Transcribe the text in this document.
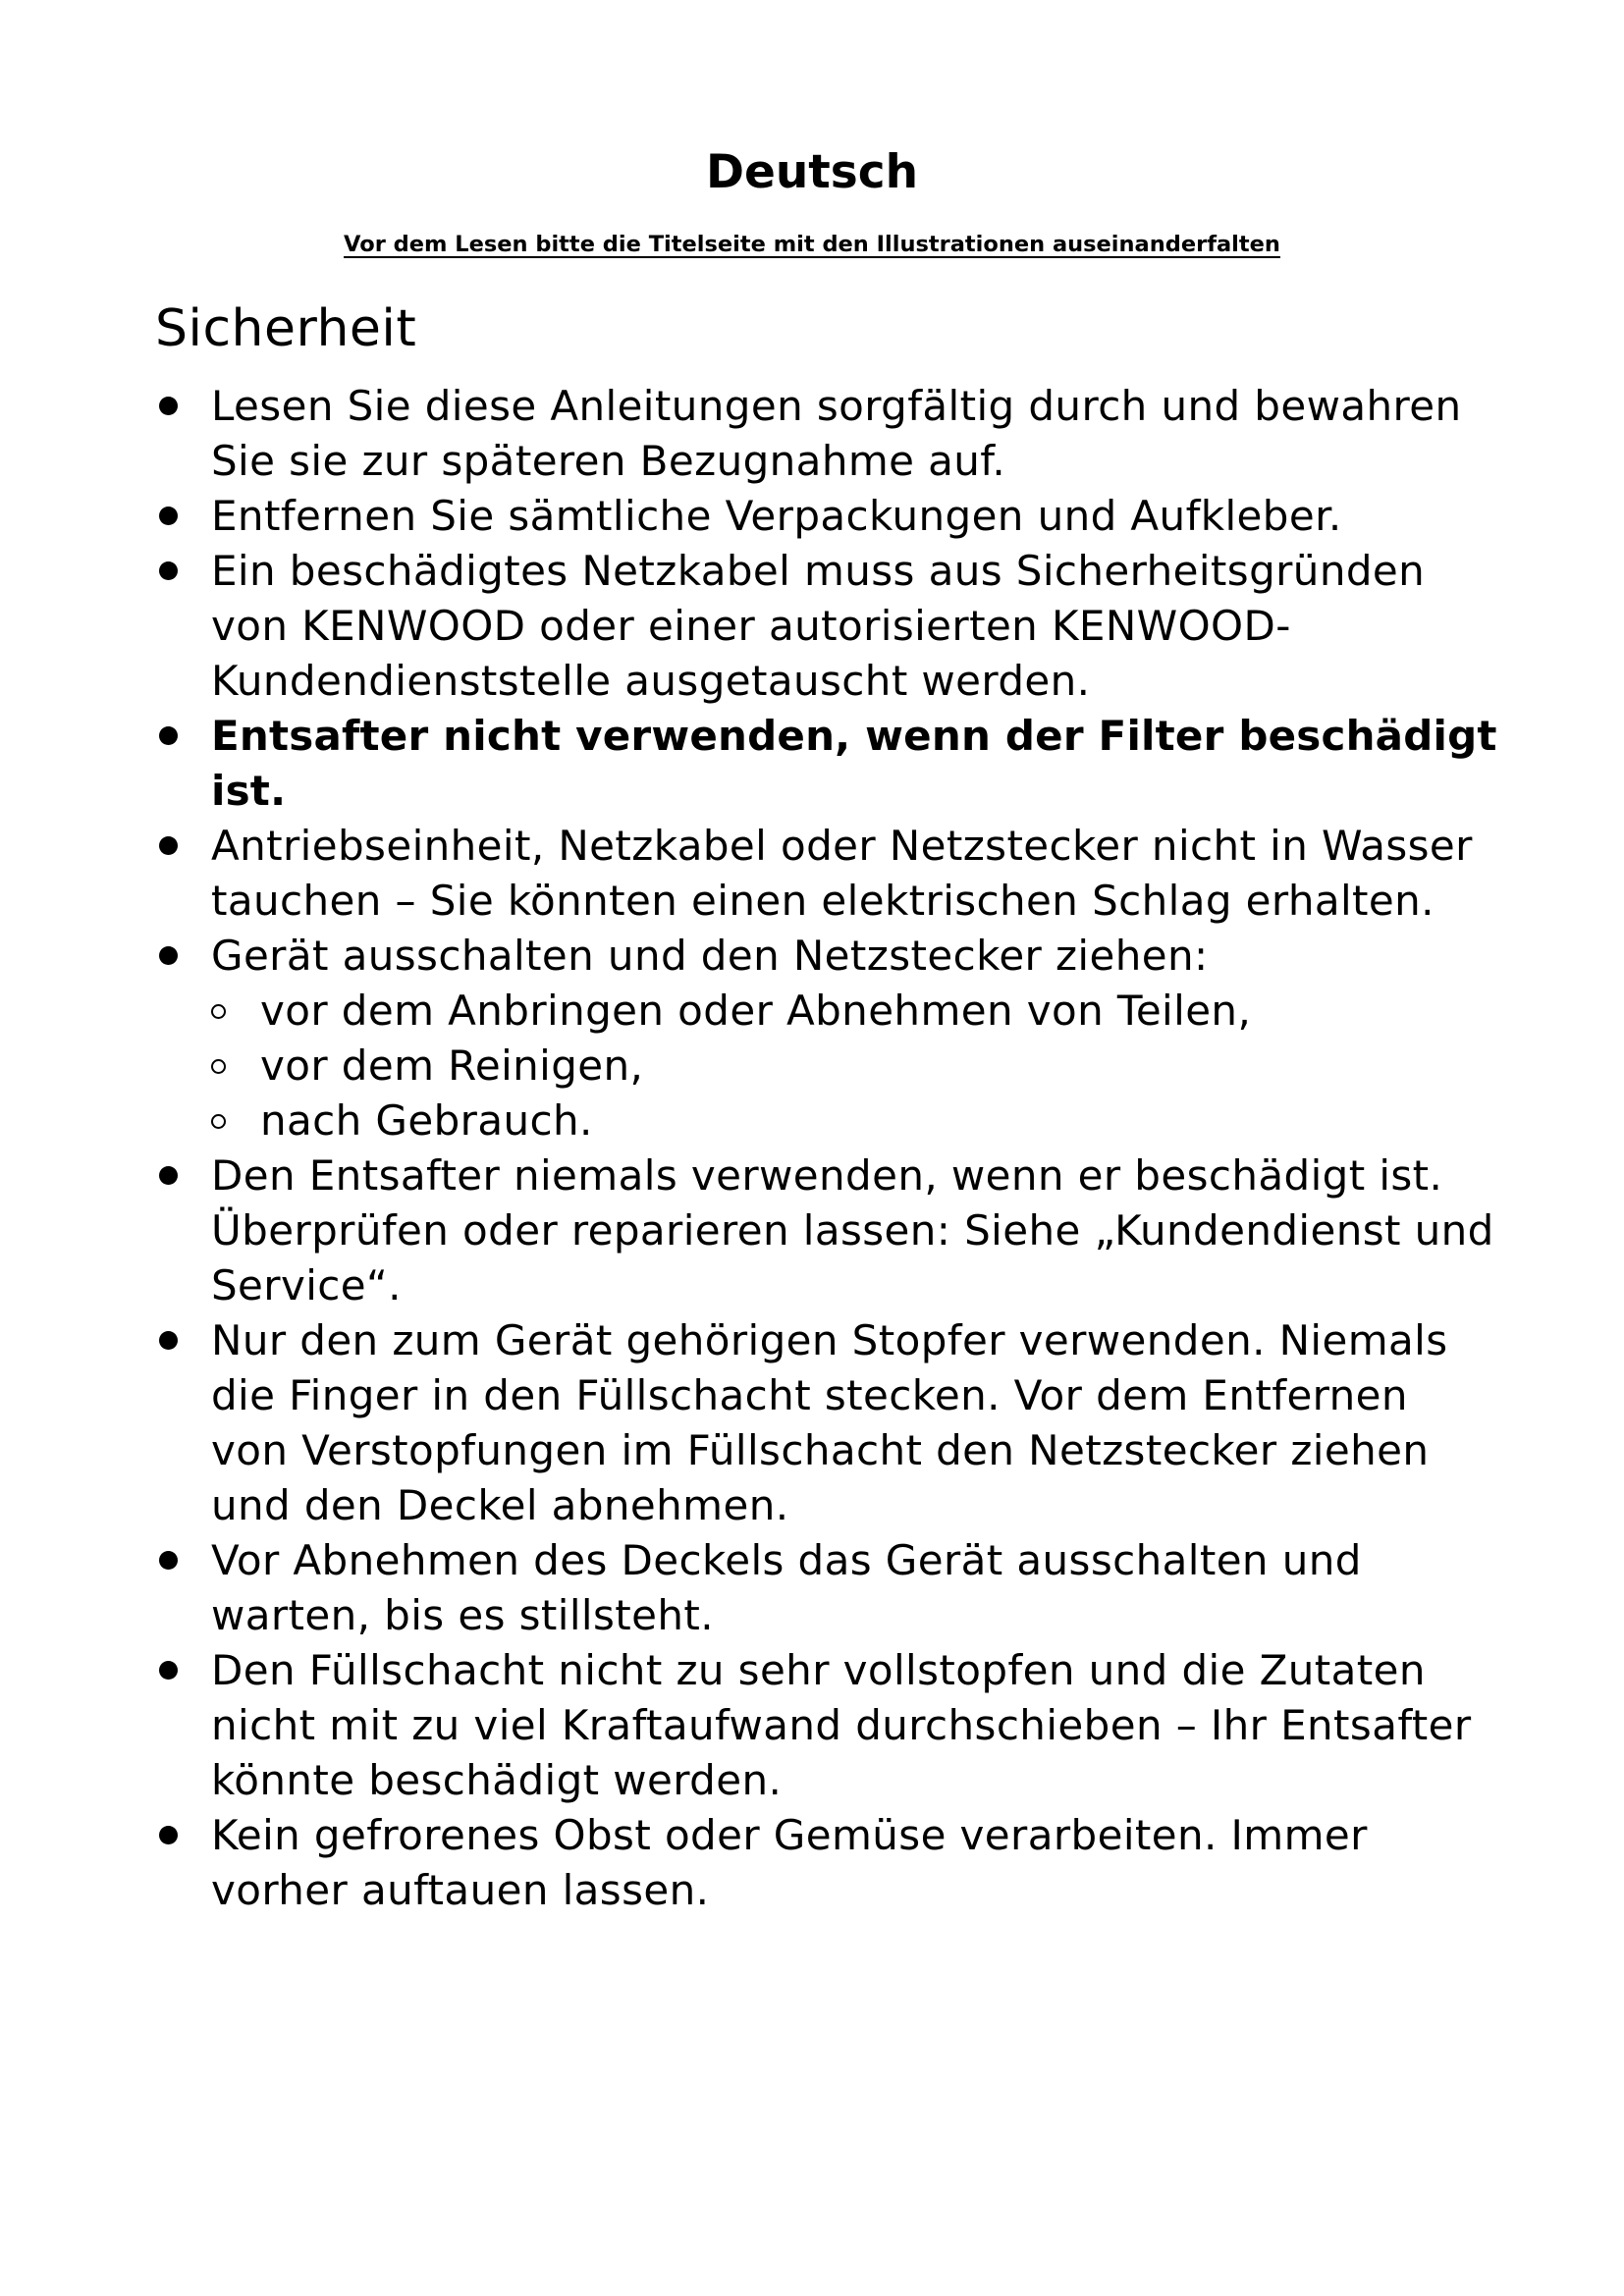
Deutsch

Vor dem Lesen bitte die Titelseite mit den Illustrationen auseinanderfalten

Sicherheit
Lesen Sie diese Anleitungen sorgfältig durch und bewahren Sie sie zur späteren Bezugnahme auf.
Entfernen Sie sämtliche Verpackungen und Aufkleber.
Ein beschädigtes Netzkabel muss aus Sicherheitsgründen von KENWOOD oder einer autorisierten KENWOOD-Kundendienststelle ausgetauscht werden.
Entsafter nicht verwenden, wenn der Filter beschädigt ist.
Antriebseinheit, Netzkabel oder Netzstecker nicht in Wasser tauchen – Sie könnten einen elektrischen Schlag erhalten.
Gerät ausschalten und den Netzstecker ziehen:
vor dem Anbringen oder Abnehmen von Teilen,
vor dem Reinigen,
nach Gebrauch.
Den Entsafter niemals verwenden, wenn er beschädigt ist. Überprüfen oder reparieren lassen: Siehe „Kundendienst und Service“.
Nur den zum Gerät gehörigen Stopfer verwenden. Niemals die Finger in den Füllschacht stecken. Vor dem Entfernen von Verstopfungen im Füllschacht den Netzstecker ziehen und den Deckel abnehmen.
Vor Abnehmen des Deckels das Gerät ausschalten und warten, bis es stillsteht.
Den Füllschacht nicht zu sehr vollstopfen und die Zutaten nicht mit zu viel Kraftaufwand durchschieben – Ihr Entsafter könnte beschädigt werden.
Kein gefrorenes Obst oder Gemüse verarbeiten. Immer vorher auftauen lassen.
